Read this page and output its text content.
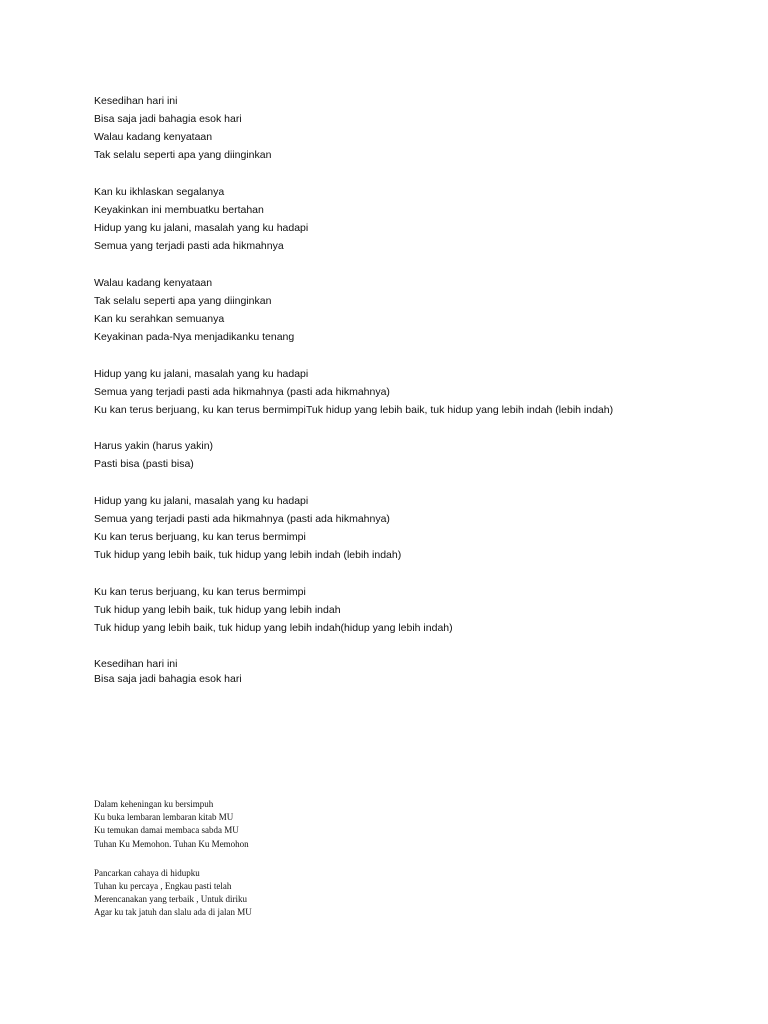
Kesedihan hari ini
Bisa saja jadi bahagia esok hari
Walau kadang kenyataan
Tak selalu seperti apa yang diinginkan
Kan ku ikhlaskan segalanya
Keyakinkan ini membuatku bertahan
Hidup yang ku jalani, masalah yang ku hadapi
Semua yang terjadi pasti ada hikmahnya
Walau kadang kenyataan
Tak selalu seperti apa yang diinginkan
Kan ku serahkan semuanya
Keyakinan pada-Nya menjadikanku tenang
Hidup yang ku jalani, masalah yang ku hadapi
Semua yang terjadi pasti ada hikmahnya (pasti ada hikmahnya)
Ku kan terus berjuang, ku kan terus bermimpiTuk hidup yang lebih baik, tuk hidup yang lebih indah (lebih indah)
Harus yakin (harus yakin)
Pasti bisa (pasti bisa)
Hidup yang ku jalani, masalah yang ku hadapi
Semua yang terjadi pasti ada hikmahnya (pasti ada hikmahnya)
Ku kan terus berjuang, ku kan terus bermimpi
Tuk hidup yang lebih baik, tuk hidup yang lebih indah (lebih indah)
Ku kan terus berjuang, ku kan terus bermimpi
Tuk hidup yang lebih baik, tuk hidup yang lebih indah
Tuk hidup yang lebih baik, tuk hidup yang lebih indah(hidup yang lebih indah)
Kesedihan hari ini
Bisa saja jadi bahagia esok hari
Dalam keheningan ku bersimpuh
Ku buka lembaran lembaran kitab MU
Ku temukan damai membaca sabda MU
Tuhan Ku Memohon. Tuhan Ku Memohon
Pancarkan cahaya di hidupku
Tuhan ku percaya , Engkau pasti telah
Merencanakan yang terbaik , Untuk diriku
Agar ku tak jatuh dan slalu ada di jalan MU
